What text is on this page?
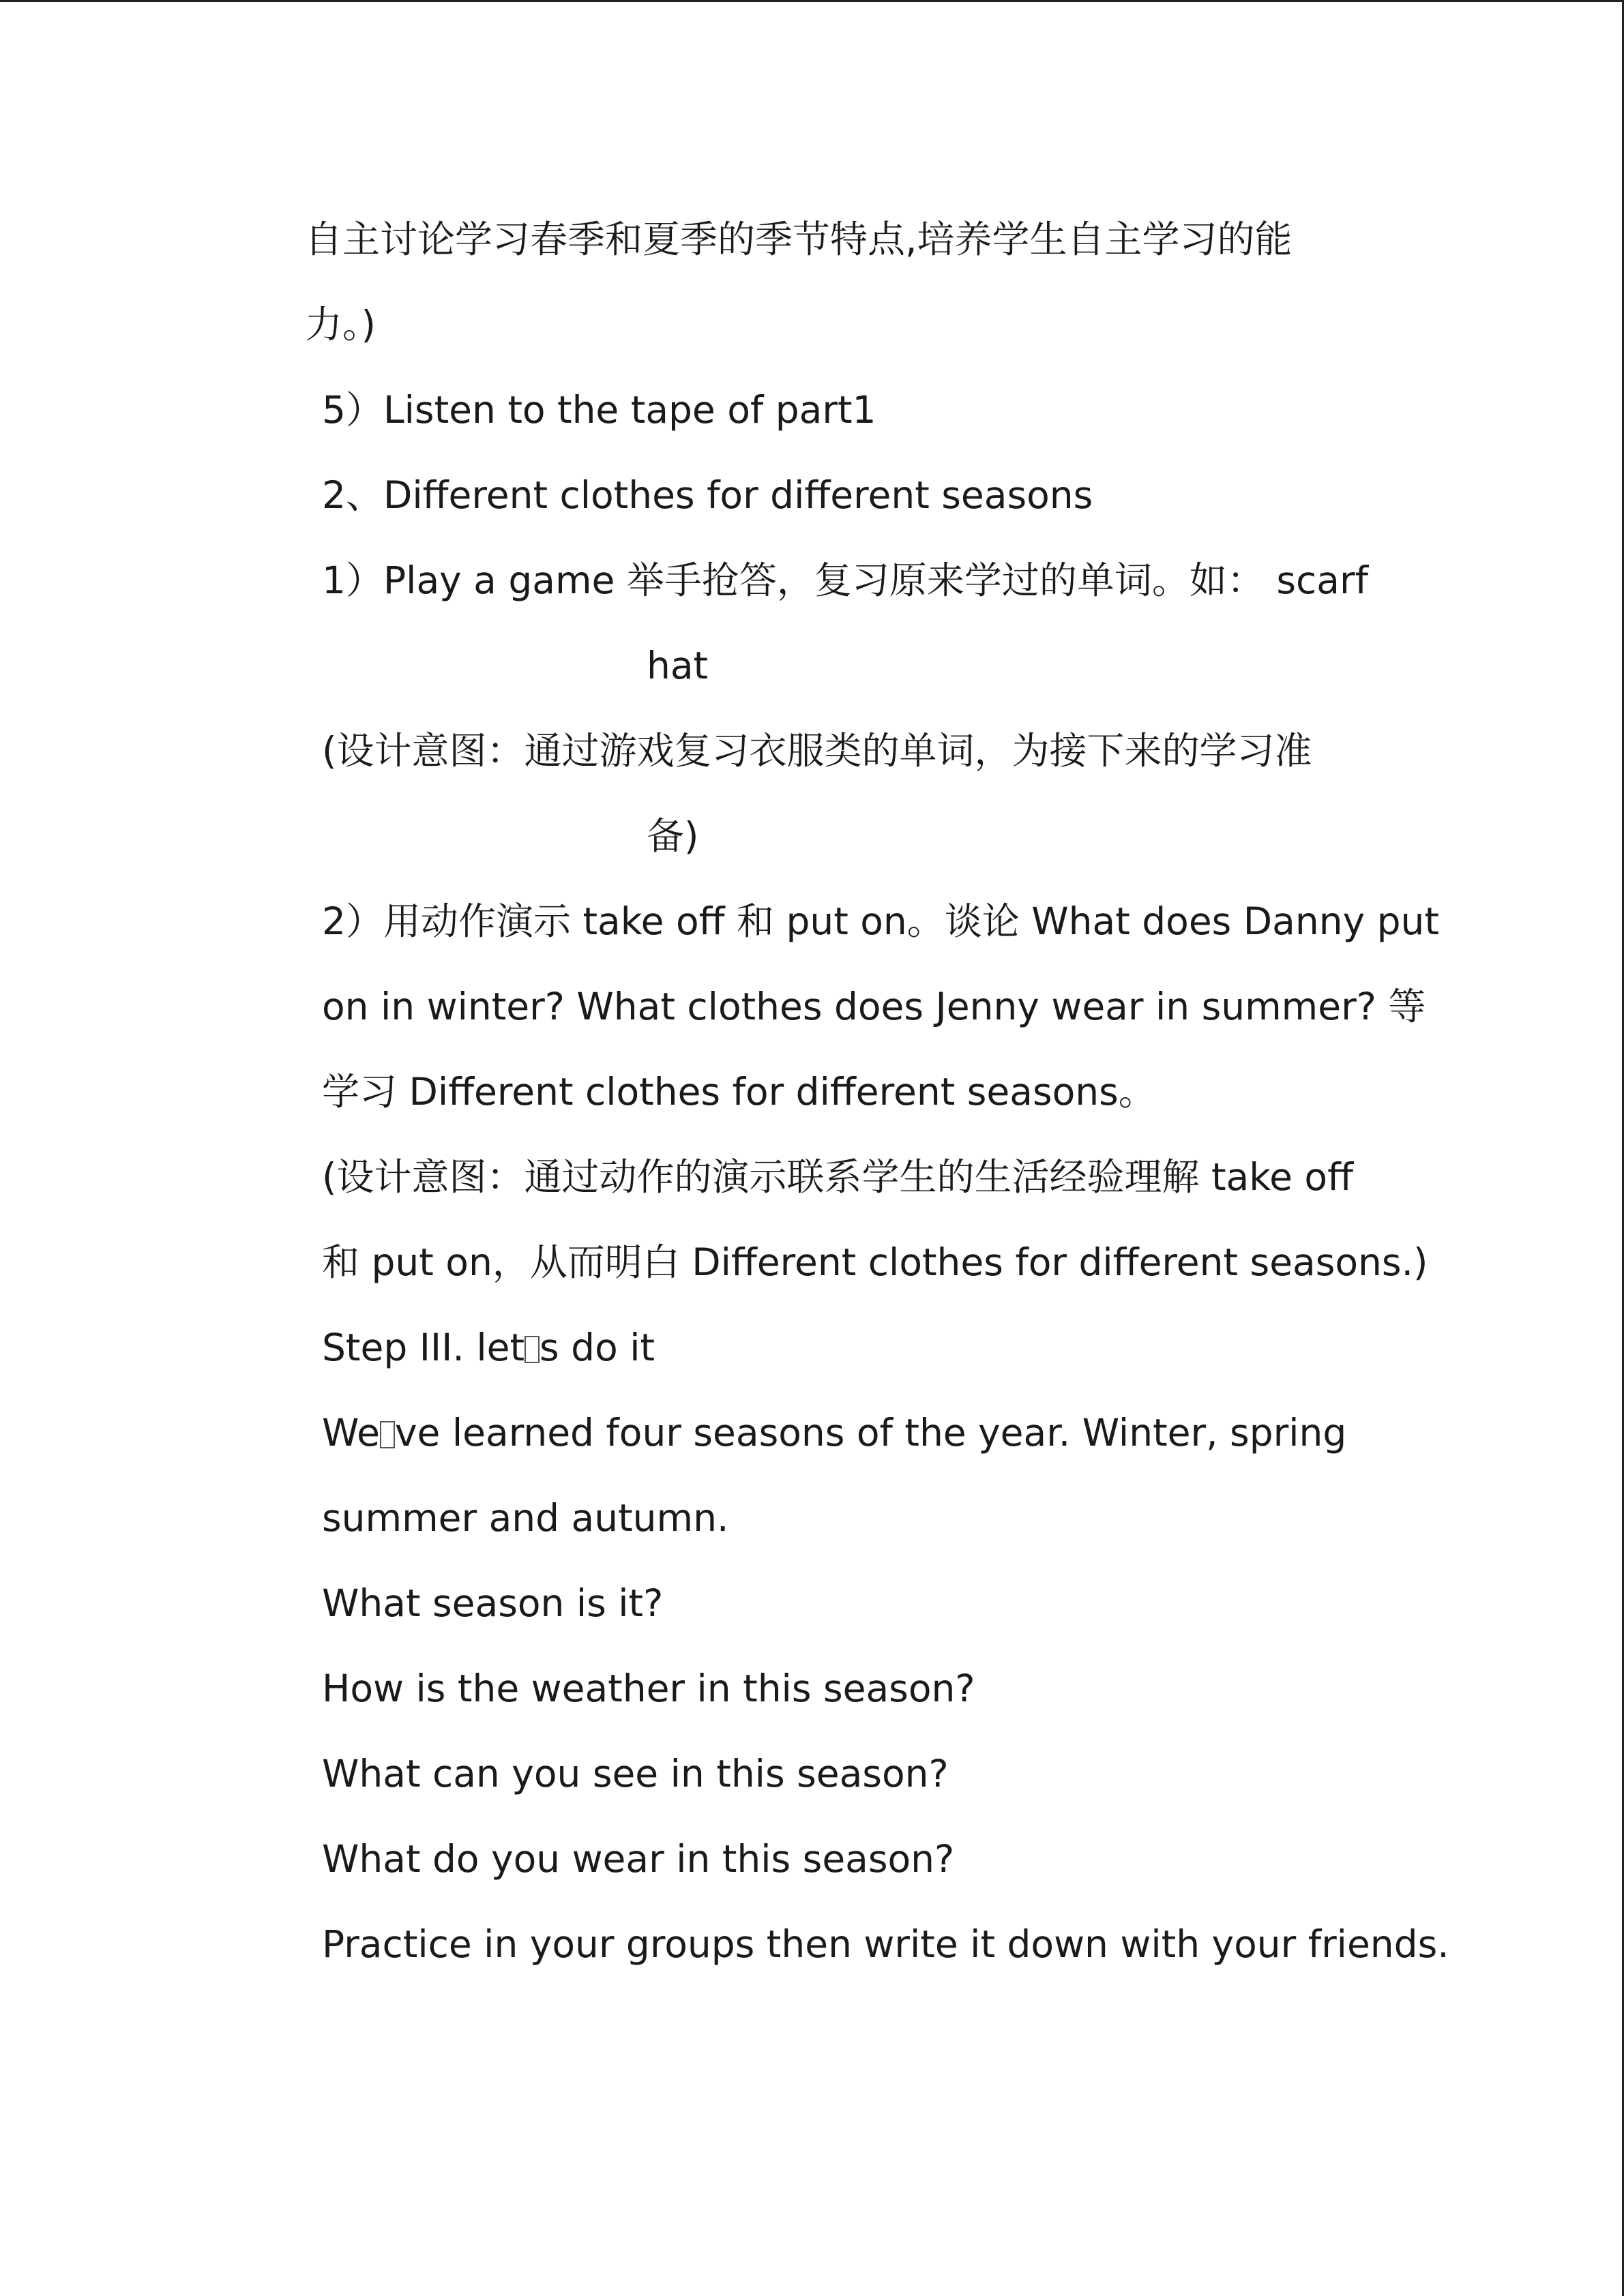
自主讨论学习春季和夏季的季节特点,培养学生自主学习的能
力。)
5）Listen to the tape of part1
2、Different clothes for different seasons
1）Play a game 举手抢答，复习原来学过的单词。如： scarf
hat
(设计意图：通过游戏复习衣服类的单词，为接下来的学习准
备)
2）用动作演示 take off 和 put on。谈论 What does Danny put
on in winter? What clothes does Jenny wear in summer? 等
学习 Different clothes for different seasons。
(设计意图：通过动作的演示联系学生的生活经验理解 take off
和 put on，从而明白 Different clothes for different seasons.)
Step III. let s do it
We ve learned four seasons of the year. Winter, spring
summer and autumn.
What season is it?
How is the weather in this season?
What can you see in this season?
What do you wear in this season?
Practice in your groups then write it down with your friends.
